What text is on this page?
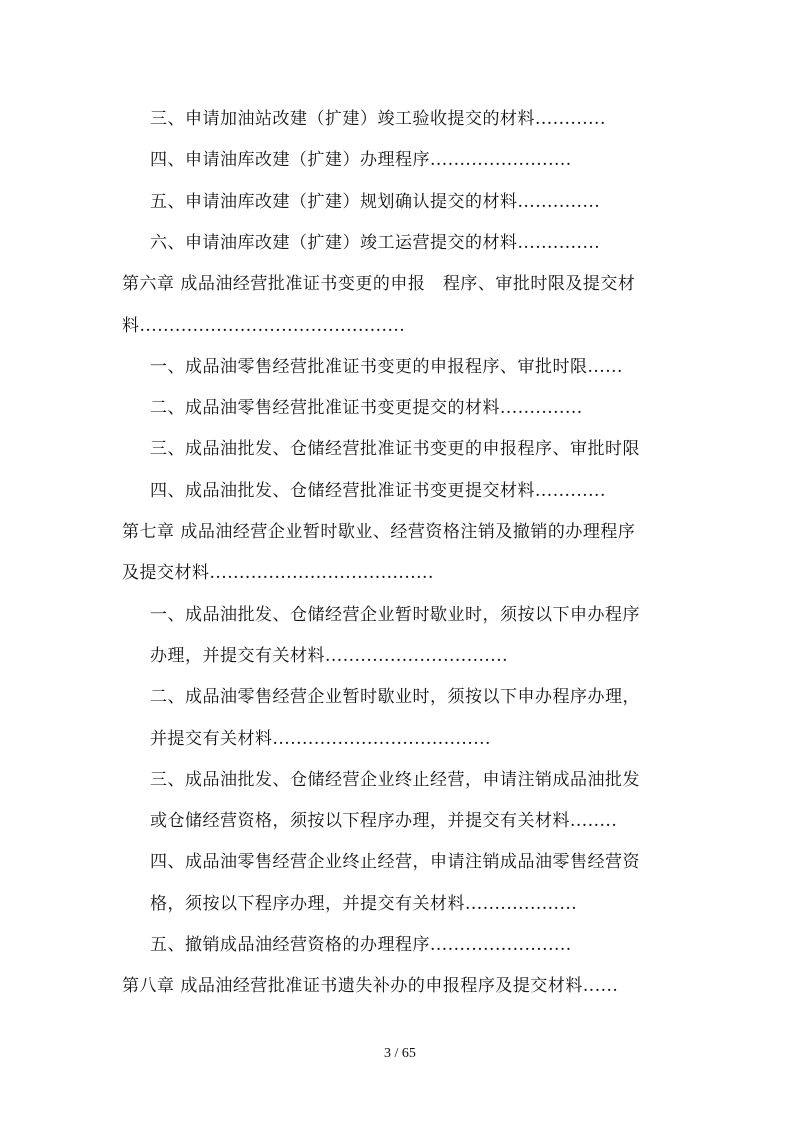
三、申请加油站改建（扩建）竣工验收提交的材料............
四、申请油库改建（扩建）办理程序........................
五、申请油库改建（扩建）规划确认提交的材料..............
六、申请油库改建（扩建）竣工运营提交的材料..............
第六章 成品油经营批准证书变更的申报　程序、审批时限及提交材
料.............................................
一、成品油零售经营批准证书变更的申报程序、审批时限......
二、成品油零售经营批准证书变更提交的材料..............
三、成品油批发、仓储经营批准证书变更的申报程序、审批时限
四、成品油批发、仓储经营批准证书变更提交材料............
第七章 成品油经营企业暂时歇业、经营资格注销及撤销的办理程序
及提交材料......................................
一、成品油批发、仓储经营企业暂时歇业时，须按以下申办程序
办理，并提交有关材料...............................
二、成品油零售经营企业暂时歇业时，须按以下申办程序办理，
并提交有关材料.....................................
三、成品油批发、仓储经营企业终止经营，申请注销成品油批发
或仓储经营资格，须按以下程序办理，并提交有关材料........
四、成品油零售经营企业终止经营，申请注销成品油零售经营资
格，须按以下程序办理，并提交有关材料...................
五、撤销成品油经营资格的办理程序........................
第八章 成品油经营批准证书遗失补办的申报程序及提交材料......
3 / 65
